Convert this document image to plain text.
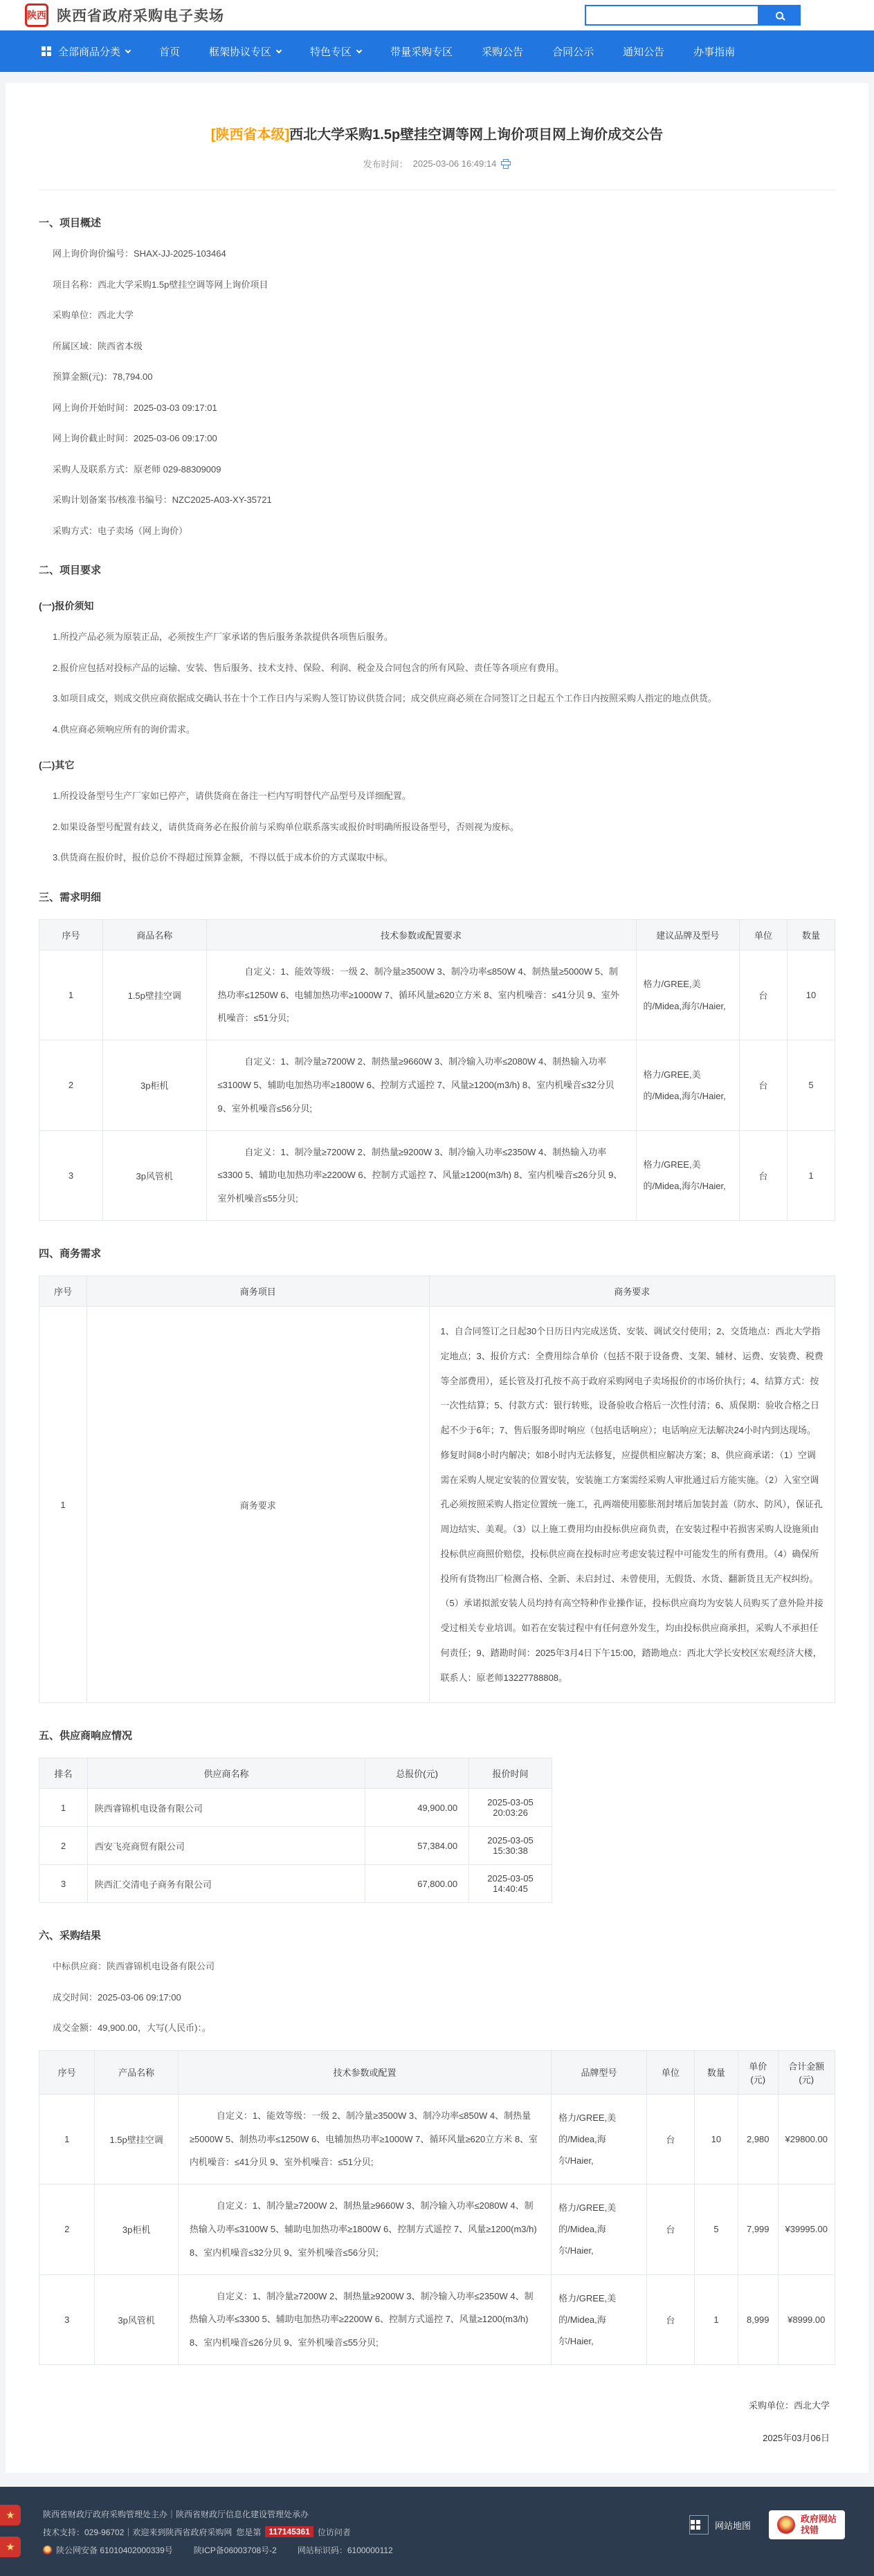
陕西 陕西省政府采购电子卖场
全部商品分类	首页	框架协议专区	特色专区	带量采购专区	采购公告	合同公示	通知公告	办事指南
[陕西省本级]西北大学采购1.5p壁挂空调等网上询价项目网上询价成交公告
发布时间： 2025-03-06 16:49:14
一、项目概述
网上询价询价编号：SHAX-JJ-2025-103464
项目名称：西北大学采购1.5p壁挂空调等网上询价项目
采购单位：西北大学
所属区域：陕西省本级
预算金额(元)：78,794.00
网上询价开始时间：2025-03-03 09:17:01
网上询价截止时间：2025-03-06 09:17:00
采购人及联系方式：原老师 029-88309009
采购计划备案书/核准书编号：NZC2025-A03-XY-35721
采购方式：电子卖场（网上询价）
二、项目要求
(一)报价须知

1.所投产品必须为原装正品，必须按生产厂家承诺的售后服务条款提供各项售后服务。

2.报价应包括对投标产品的运输、安装、售后服务、技术支持、保险、利润、税金及合同包含的所有风险、责任等各项应有费用。

3.如项目成交，则成交供应商依据成交确认书在十个工作日内与采购人签订协议供货合同；成交供应商必须在合同签订之日起五个工作日内按照采购人指定的地点供货。

4.供应商必须响应所有的询价需求。

(二)其它

1.所投设备型号生产厂家如已停产，请供货商在备注一栏内写明替代产品型号及详细配置。

2.如果设备型号配置有歧义，请供货商务必在报价前与采购单位联系落实或报价时明确所报设备型号，否则视为废标。

3.供货商在报价时，报价总价不得超过预算金额，不得以低于成本价的方式谋取中标。

三、需求明细
序号	商品名称	技术参数或配置要求	建议品牌及型号	单位	数量
1	1.5p壁挂空调	自定义：1、能效等级：一级 2、制冷量≥3500W 3、制冷功率≤850W 4、制热量≥5000W 5、制热功率≤1250W 6、电辅加热功率≥1000W 7、循环风量≥620立方米 8、室内机噪音：≤41分贝 9、室外机噪音：≤51分贝;	格力/GREE,美的/Midea,海尔/Haier,	台	10
2	3p柜机	自定义：1、制冷量≥7200W 2、制热量≥9660W 3、制冷输入功率≤2080W 4、制热输入功率≤3100W 5、辅助电加热功率≥1800W 6、控制方式遥控 7、风量≥1200(m3/h) 8、室内机噪音≤32分贝 9、室外机噪音≤56分贝;	格力/GREE,美的/Midea,海尔/Haier,	台	5
3	3p风管机	自定义：1、制冷量≥7200W 2、制热量≥9200W 3、制冷输入功率≤2350W 4、制热输入功率≤3300 5、辅助电加热功率≥2200W 6、控制方式遥控 7、风量≥1200(m3/h) 8、室内机噪音≤26分贝 9、室外机噪音≤55分贝;	格力/GREE,美的/Midea,海尔/Haier,	台	1
四、商务需求
序号	商务项目	商务要求
1	商务要求	1、自合同签订之日起30个日历日内完成送货、安装、调试交付使用；2、交货地点：西北大学指定地点；3、报价方式：全费用综合单价（包括不限于设备费、支架、辅材、运费、安装费、税费等全部费用），延长管及打孔按不高于政府采购网电子卖场报价的市场价执行；4、结算方式：按一次性结算；5、付款方式：银行转账，设备验收合格后一次性付清；6、质保期：验收合格之日起不少于6年；7、售后服务即时响应（包括电话响应）；电话响应无法解决24小时内到达现场。修复时间8小时内解决；如8小时内无法修复，应提供相应解决方案；8、供应商承诺：（1）空调需在采购人规定安装的位置安装，安装施工方案需经采购人审批通过后方能实施。（2）入室空调孔必须按照采购人指定位置统一施工，孔两端使用膨胀剂封堵后加装封盖（防水、防风），保证孔周边结实、美观。（3）以上施工费用均由投标供应商负责，在安装过程中若损害采购人设施须由投标供应商照价赔偿，投标供应商在投标时应考虑安装过程中可能发生的所有费用。（4）确保所投所有货物出厂检测合格、全新、未启封过、未曾使用，无假货、水货、翻新货且无产权纠纷。（5）承诺拟派安装人员均持有高空特种作业操作证，投标供应商均为安装人员购买了意外险并接受过相关专业培训。如若在安装过程中有任何意外发生，均由投标供应商承担，采购人不承担任何责任；9、踏勘时间：2025年3月4日下午15:00，踏勘地点：西北大学长安校区宏观经济大楼，联系人：原老师13227788808。
五、供应商响应情况
排名	供应商名称	总报价(元)	报价时间
1	陕西睿锦机电设备有限公司	49,900.00	2025-03-05 20:03:26
2	西安飞亮商贸有限公司	57,384.00	2025-03-05 15:30:38
3	陕西汇交清电子商务有限公司	67,800.00	2025-03-05 14:40:45
六、采购结果
中标供应商：陕西睿锦机电设备有限公司
成交时间：2025-03-06 09:17:00
成交金额：49,900.00，大写(人民币)：。
序号	产品名称	技术参数或配置	品牌型号	单位	数量	单价(元)	合计金额(元)
1	1.5p壁挂空调	自定义：1、能效等级：一级 2、制冷量≥3500W 3、制冷功率≤850W 4、制热量≥5000W 5、制热功率≤1250W 6、电辅加热功率≥1000W 7、循环风量≥620立方米 8、室内机噪音：≤41分贝 9、室外机噪音：≤51分贝;	格力/GREE,美的/Midea,海尔/Haier,	台	10	2,980	¥29800.00
2	3p柜机	自定义：1、制冷量≥7200W 2、制热量≥9660W 3、制冷输入功率≤2080W 4、制热输入功率≤3100W 5、辅助电加热功率≥1800W 6、控制方式遥控 7、风量≥1200(m3/h) 8、室内机噪音≤32分贝 9、室外机噪音≤56分贝;	格力/GREE,美的/Midea,海尔/Haier,	台	5	7,999	¥39995.00
3	3p风管机	自定义：1、制冷量≥7200W 2、制热量≥9200W 3、制冷输入功率≤2350W 4、制热输入功率≤3300 5、辅助电加热功率≥2200W 6、控制方式遥控 7、风量≥1200(m3/h) 8、室内机噪音≤26分贝 9、室外机噪音≤55分贝;	格力/GREE,美的/Midea,海尔/Haier,	台	1	8,999	¥8999.00
采购单位：西北大学
2025年03月06日
★
★
陕西省财政厅政府采购管理处主办｜陕西省财政厅信息化建设管理处承办
技术支持：029-96702｜欢迎来到陕西省政府采购网 您是第 117145361 位访问者
陕公网安备 61010402000339号	陕ICP备06003708号-2	网站标识码：6100000112
网站地图
政府网站
找错
